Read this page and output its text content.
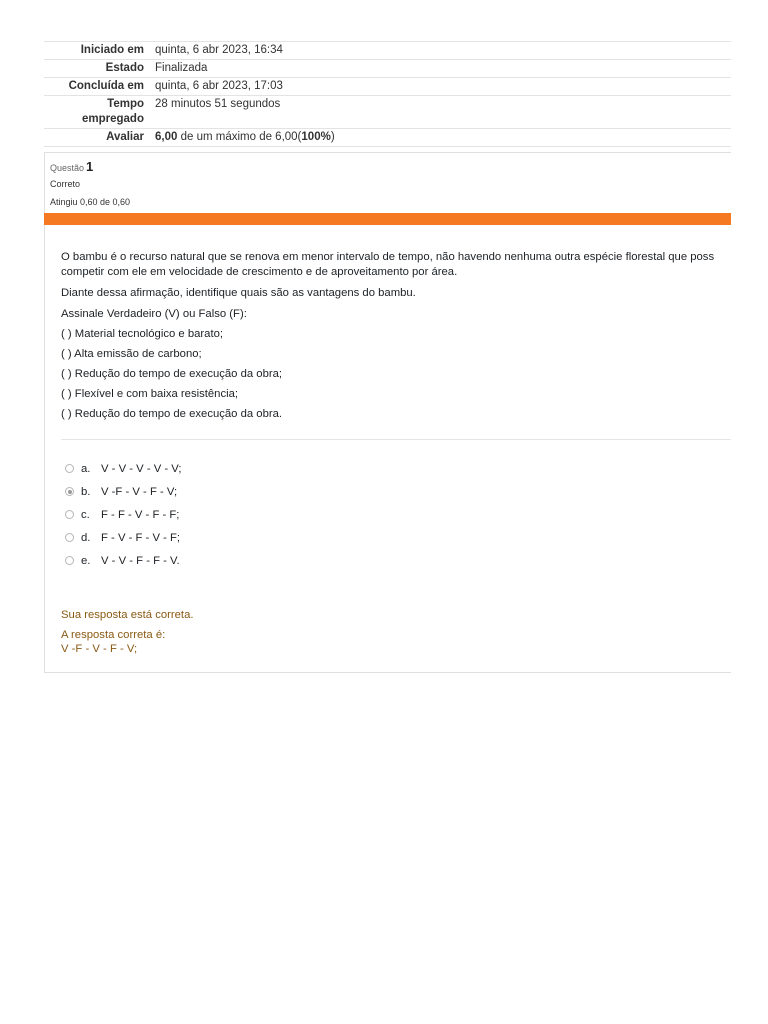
Iniciado em quinta, 6 abr 2023, 16:34
Estado Finalizada
Concluída em quinta, 6 abr 2023, 17:03
Tempo empregado
28 minutos 51 segundos
Avaliar 6,00 de um máximo de 6,00(100%)
Questão 1
Correto
Atingiu 0,60 de 0,60

O bambu é o recurso natural que se renova em menor intervalo de tempo, não havendo nenhuma outra espécie florestal que poss

competir com ele em velocidade de crescimento e de aproveitamento por área.

Diante dessa afirmação, identifique quais são as vantagens do bambu.

Assinale Verdadeiro (V) ou Falso (F):

( ) Material tecnológico e barato;

( ) Alta emissão de carbono;

( ) Redução do tempo de execução da obra;

( ) Flexível e com baixa resistência;

( ) Redução do tempo de execução da obra.

a. V - V - V - V - V;
b. V -F - V - F - V;
c. F - F - V - F - F;
d. F - V - F - V - F;
e. V - V - F - F - V.
Sua resposta está correta.
A resposta correta é:
V -F - V - F - V;
